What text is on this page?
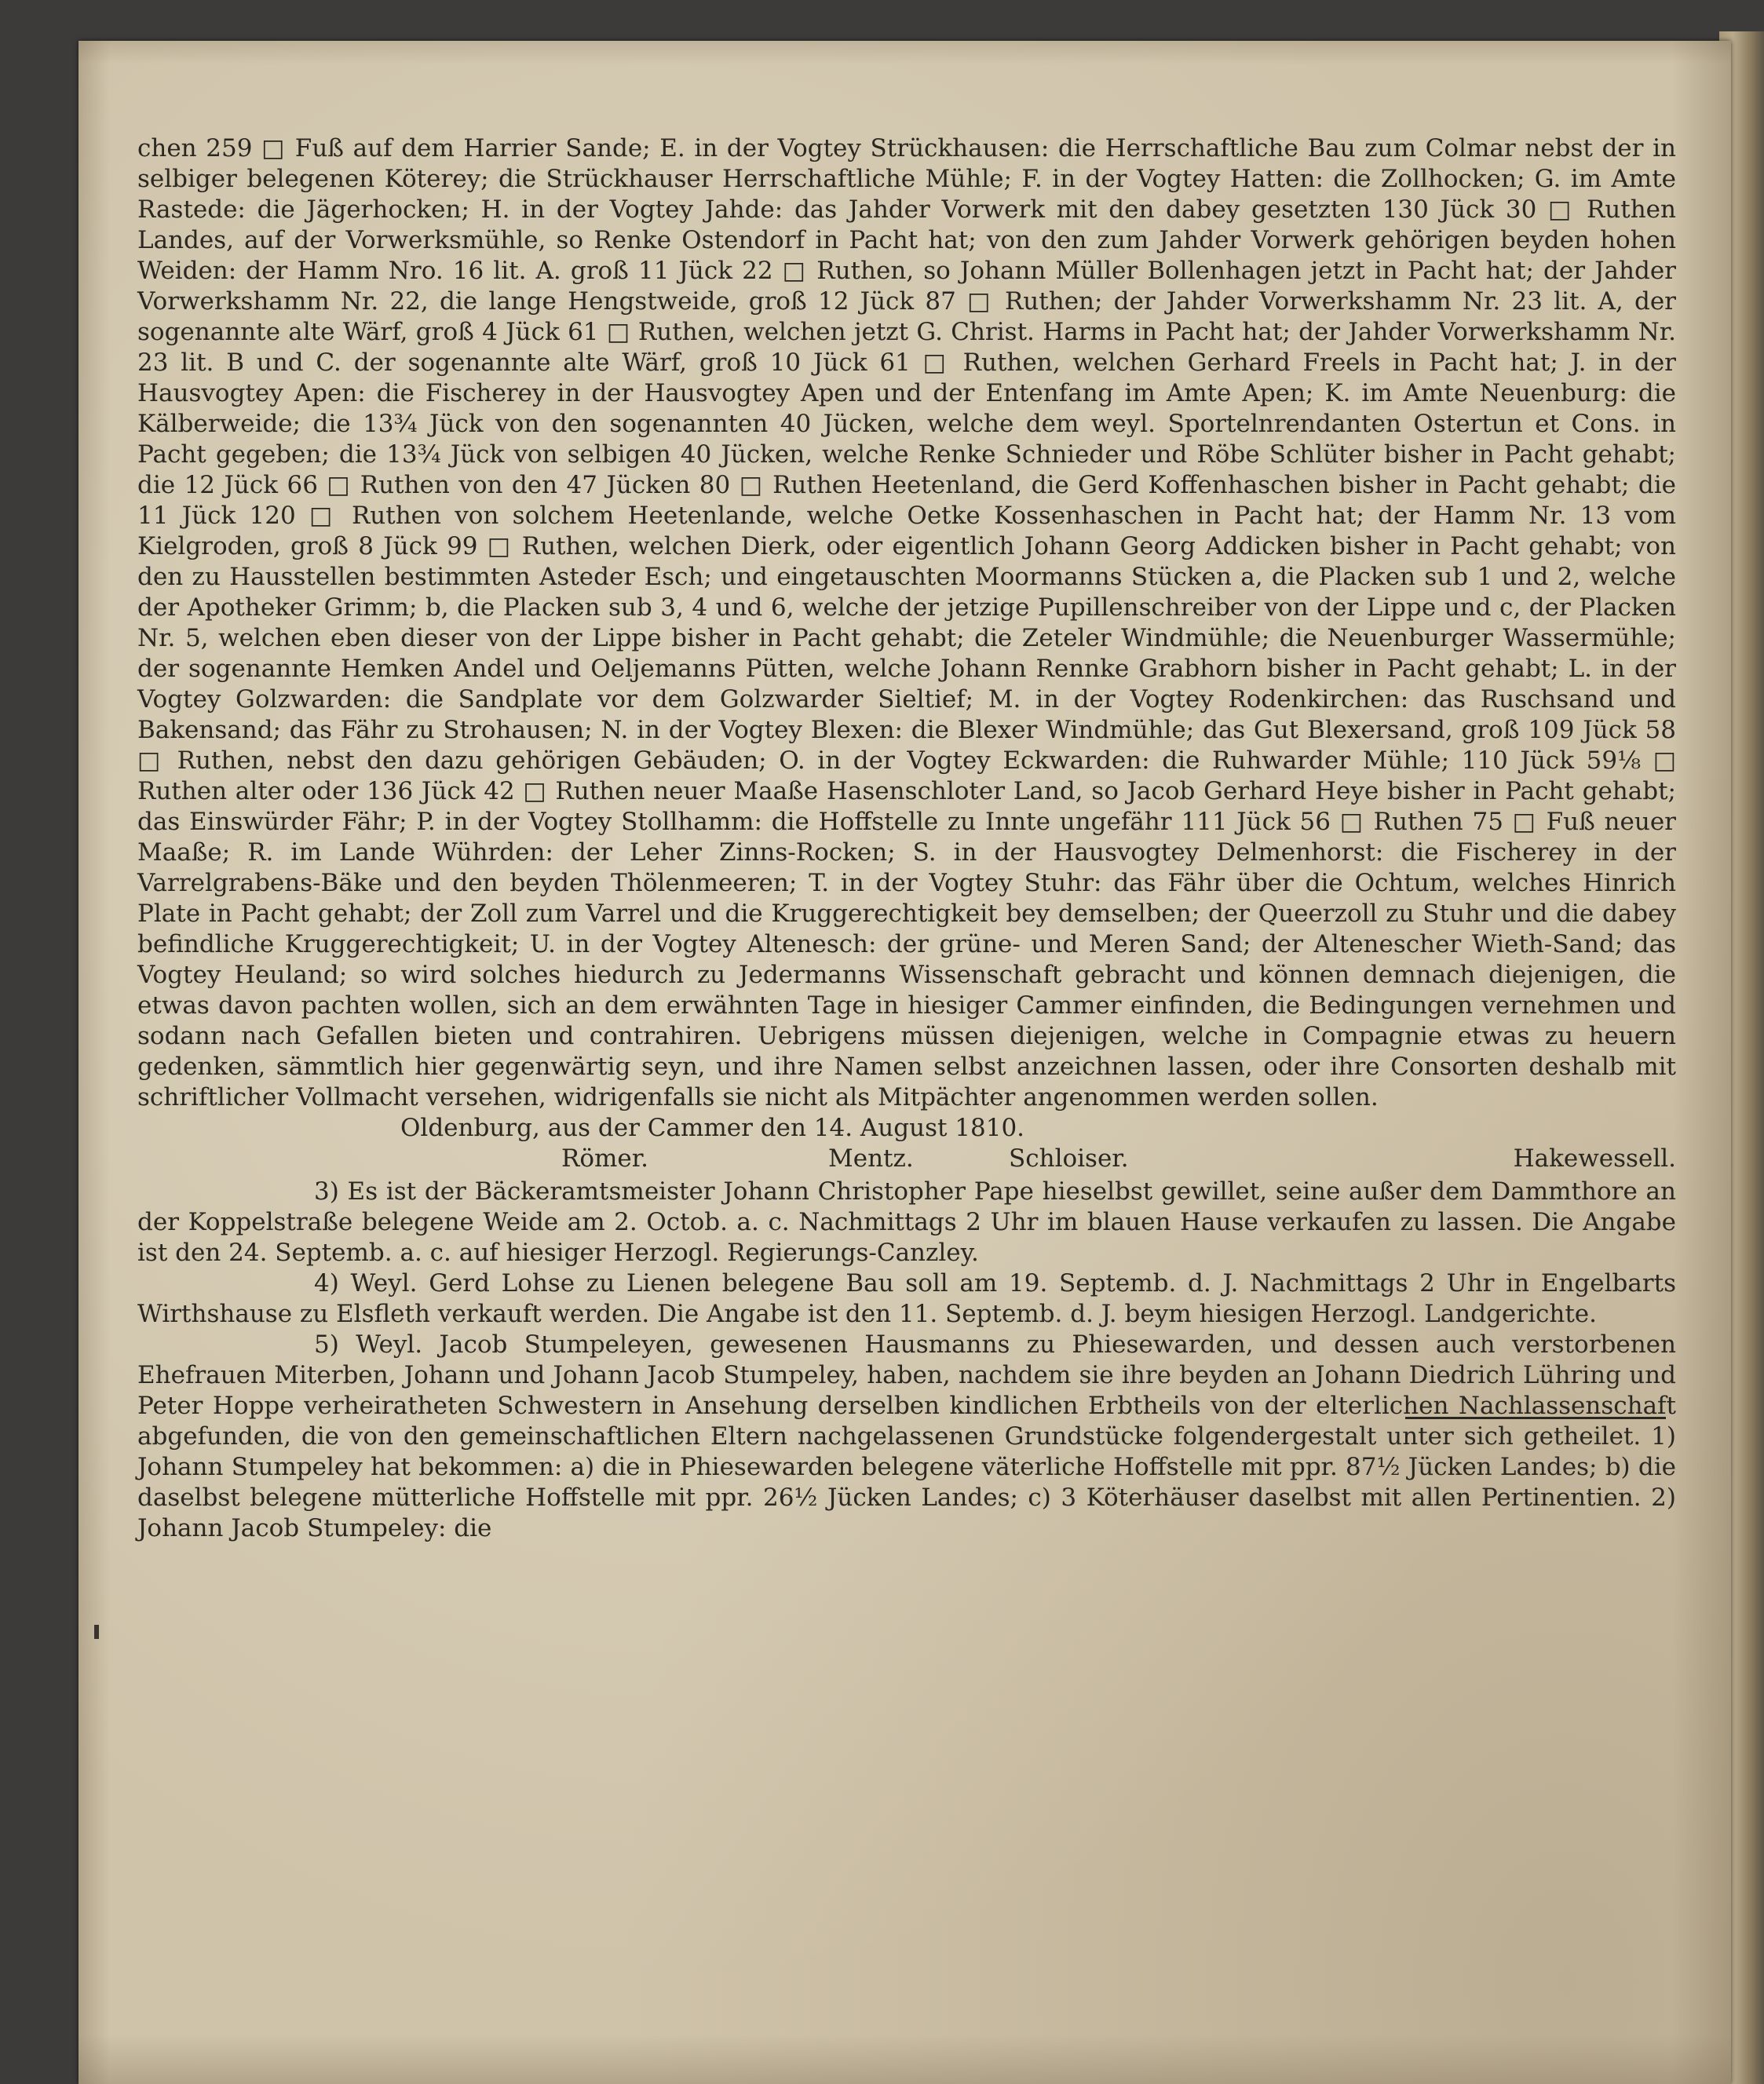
chen 259 □ Fuß auf dem Harrier Sande; E. in der Vogtey Strückhausen: die Herrschaftliche Bau zum Colmar nebst der in selbiger belegenen Köterey; die Strückhauser Herrschaftliche Mühle; F. in der Vogtey Hatten: die Zollhocken; G. im Amte Rastede: die Jägerhocken; H. in der Vogtey Jahde: das Jahder Vorwerk mit den dabey gesetzten 130 Jück 30 □ Ruthen Landes, auf der Vorwerksmühle, so Renke Ostendorf in Pacht hat; von den zum Jahder Vorwerk gehörigen beyden hohen Weiden: der Hamm Nro. 16 lit. A. groß 11 Jück 22 □ Ruthen, so Johann Müller Bollenhagen jetzt in Pacht hat; der Jahder Vorwerkshamm Nr. 22, die lange Hengstweide, groß 12 Jück 87 □ Ruthen; der Jahder Vorwerkshamm Nr. 23 lit. A, der sogenannte alte Wärf, groß 4 Jück 61 □ Ruthen, welchen jetzt G. Christ. Harms in Pacht hat; der Jahder Vorwerkshamm Nr. 23 lit. B und C. der sogenannte alte Wärf, groß 10 Jück 61 □ Ruthen, welchen Gerhard Freels in Pacht hat; J. in der Hausvogtey Apen: die Fischerey in der Hausvogtey Apen und der Entenfang im Amte Apen; K. im Amte Neuenburg: die Kälberweide; die 13¾ Jück von den sogenannten 40 Jücken, welche dem weyl. Sportelnrendanten Ostertun et Cons. in Pacht gegeben; die 13¾ Jück von selbigen 40 Jücken, welche Renke Schnieder und Röbe Schlüter bisher in Pacht gehabt; die 12 Jück 66 □ Ruthen von den 47 Jücken 80 □ Ruthen Heetenland, die Gerd Koffenhaschen bisher in Pacht gehabt; die 11 Jück 120 □ Ruthen von solchem Heetenlande, welche Oetke Kossenhaschen in Pacht hat; der Hamm Nr. 13 vom Kielgroden, groß 8 Jück 99 □ Ruthen, welchen Dierk, oder eigentlich Johann Georg Addicken bisher in Pacht gehabt; von den zu Hausstellen bestimmten Asteder Esch; und eingetauschten Moormanns Stücken a, die Placken sub 1 und 2, welche der Apotheker Grimm; b, die Placken sub 3, 4 und 6, welche der jetzige Pupillenschreiber von der Lippe und c, der Placken Nr. 5, welchen eben dieser von der Lippe bisher in Pacht gehabt; die Zeteler Windmühle; die Neuenburger Wassermühle; der sogenannte Hemken Andel und Oeljemanns Pütten, welche Johann Rennke Grabhorn bisher in Pacht gehabt; L. in der Vogtey Golzwarden: die Sandplate vor dem Golzwarder Sieltief; M. in der Vogtey Rodenkirchen: das Ruschsand und Bakensand; das Fähr zu Strohausen; N. in der Vogtey Blexen: die Blexer Windmühle; das Gut Blexersand, groß 109 Jück 58 □ Ruthen, nebst den dazu gehörigen Gebäuden; O. in der Vogtey Eckwarden: die Ruhwarder Mühle; 110 Jück 59⅛ □ Ruthen alter oder 136 Jück 42 □ Ruthen neuer Maaße Hasenschloter Land, so Jacob Gerhard Heye bisher in Pacht gehabt; das Einswürder Fähr; P. in der Vogtey Stollhamm: die Hoffstelle zu Innte ungefähr 111 Jück 56 □ Ruthen 75 □ Fuß neuer Maaße; R. im Lande Wührden: der Leher Zinns-Rocken; S. in der Hausvogtey Delmenhorst: die Fischerey in der Varrelgrabens-Bäke und den beyden Thölenmeeren; T. in der Vogtey Stuhr: das Fähr über die Ochtum, welches Hinrich Plate in Pacht gehabt; der Zoll zum Varrel und die Kruggerechtigkeit bey demselben; der Queerzoll zu Stuhr und die dabey befindliche Kruggerechtigkeit; U. in der Vogtey Altenesch: der grüne- und Meren Sand; der Altenescher Wieth-Sand; das Vogtey Heuland; so wird solches hiedurch zu Jedermanns Wissenschaft gebracht und können demnach diejenigen, die etwas davon pachten wollen, sich an dem erwähnten Tage in hiesiger Cammer einfinden, die Bedingungen vernehmen und sodann nach Gefallen bieten und contrahiren. Uebrigens müssen diejenigen, welche in Compagnie etwas zu heuern gedenken, sämmtlich hier gegenwärtig seyn, und ihre Namen selbst anzeichnen lassen, oder ihre Consorten deshalb mit schriftlicher Vollmacht versehen, widrigenfalls sie nicht als Mitpächter angenommen werden sollen.

Oldenburg, aus der Cammer den 14. August 1810.

Römer.	Mentz.	Schloiser.	Hakewessell.

3) Es ist der Bäckeramtsmeister Johann Christopher Pape hieselbst gewillet, seine außer dem Dammthore an der Koppelstraße belegene Weide am 2. Octob. a. c. Nachmittags 2 Uhr im blauen Hause verkaufen zu lassen. Die Angabe ist den 24. Septemb. a. c. auf hiesiger Herzogl. Regierungs-Canzley.

4) Weyl. Gerd Lohse zu Lienen belegene Bau soll am 19. Septemb. d. J. Nachmittags 2 Uhr in Engelbarts Wirthshause zu Elsfleth verkauft werden. Die Angabe ist den 11. Septemb. d. J. beym hiesigen Herzogl. Landgerichte.

5) Weyl. Jacob Stumpeleyen, gewesenen Hausmanns zu Phiesewarden, und dessen auch verstorbenen Ehefrauen Miterben, Johann und Johann Jacob Stumpeley, haben, nachdem sie ihre beyden an Johann Diedrich Lühring und Peter Hoppe verheiratheten Schwestern in Ansehung derselben kindlichen Erbtheils von der elterlichen Nachlassenschaft abgefunden, die von den gemeinschaftlichen Eltern nachgelassenen Grundstücke folgendergestalt unter sich getheilet. 1) Johann Stumpeley hat bekommen: a) die in Phiesewarden belegene väterliche Hoffstelle mit ppr. 87½ Jücken Landes; b) die daselbst belegene mütterliche Hoffstelle mit ppr. 26½ Jücken Landes; c) 3 Köterhäuser daselbst mit allen Pertinentien. 2) Johann Jacob Stumpeley: die
